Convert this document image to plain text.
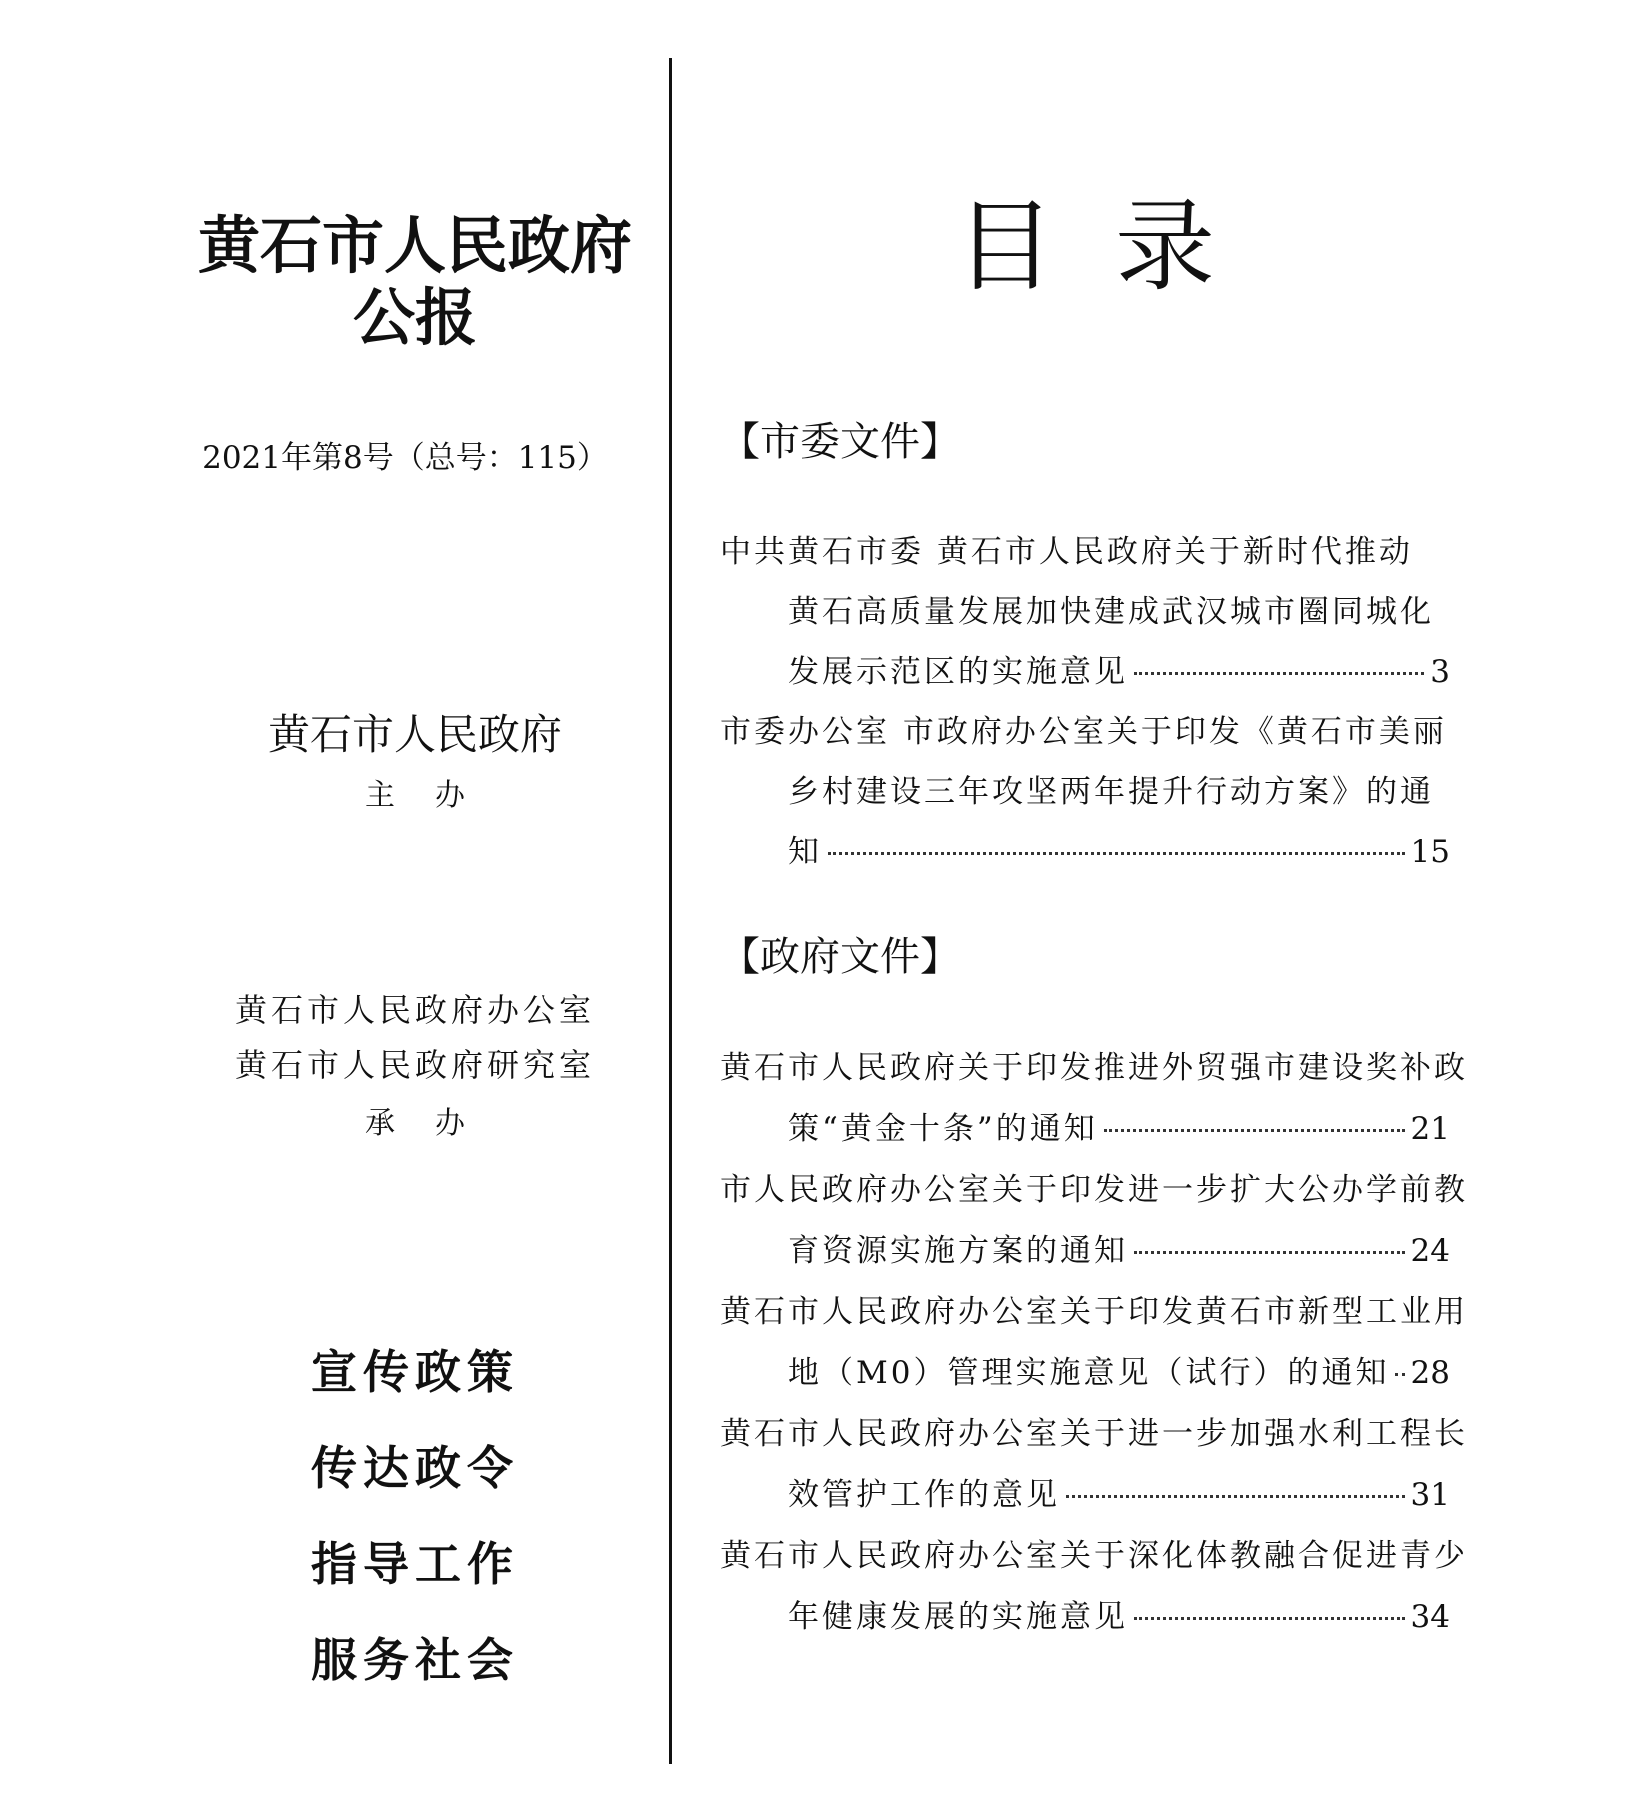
黄石市人民政府
公报
2021年第8号（总号：115）
黄石市人民政府
主办
黄石市人民政府办公室
黄石市人民政府研究室
承办
宣传政策
传达政令
指导工作
服务社会
目录
【市委文件】
中共黄石市委 黄石市人民政府关于新时代推动
黄石高质量发展加快建成武汉城市圈同城化
发展示范区的实施意见	3
市委办公室 市政府办公室关于印发《黄石市美丽
乡村建设三年攻坚两年提升行动方案》的通
知	15
【政府文件】
黄石市人民政府关于印发推进外贸强市建设奖补政
策“黄金十条”的通知	21
市人民政府办公室关于印发进一步扩大公办学前教
育资源实施方案的通知	24
黄石市人民政府办公室关于印发黄石市新型工业用
地（M0）管理实施意见（试行）的通知 28
黄石市人民政府办公室关于进一步加强水利工程长
效管护工作的意见	31
黄石市人民政府办公室关于深化体教融合促进青少
年健康发展的实施意见	34
